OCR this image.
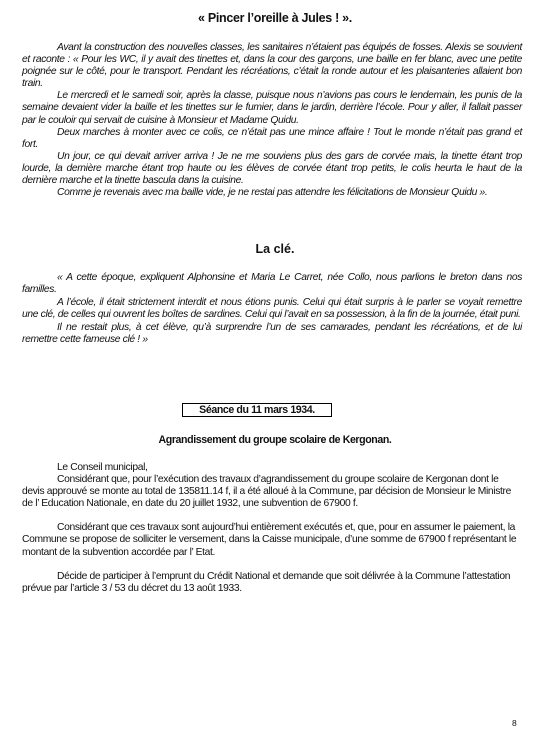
« Pincer l’oreille à Jules ! ».

Avant la construction des nouvelles classes, les sanitaires n’étaient pas équipés de fosses. Alexis se souvient et raconte : « Pour les WC, il y avait des tinettes et, dans la cour des garçons, une baille en fer blanc, avec une petite poignée sur le côté, pour le transport. Pendant les récréations, c’était la ronde autour et les plaisanteries allaient bon train.

Le mercredi et le samedi soir, après la classe, puisque nous n’avions pas cours le lendemain, les punis de la semaine devaient vider la baille et les tinettes sur le fumier, dans le jardin, derrière l’école. Pour y aller, il fallait passer par le couloir qui servait de cuisine à Monsieur et Madame Quidu.

Deux marches à monter avec ce colis, ce n’était pas une mince affaire ! Tout le monde n’était pas grand et fort.

Un jour, ce qui devait arriver arriva ! Je ne me souviens plus des gars de corvée mais, la tinette étant trop lourde, la dernière marche étant trop haute ou les élèves de corvée étant trop petits, le colis heurta le haut de la dernière marche et la tinette bascula dans la cuisine.

Comme je revenais avec ma baille vide, je ne restai pas attendre les félicitations de Monsieur Quidu ».

La clé.

« A cette époque, expliquent Alphonsine et Maria Le Carret, née Collo, nous parlions le breton dans nos familles.

A l’école, il était strictement interdit et nous étions punis. Celui qui était surpris à le parler se voyait remettre une clé, de celles qui ouvrent les boîtes de sardines. Celui qui l’avait en sa possession, à la fin de la journée, était puni.

Il ne restait plus, à cet élève, qu’à surprendre l’un de ses camarades, pendant les récréations, et de lui remettre cette fameuse clé ! »

Séance du 11 mars 1934.
Agrandissement du groupe scolaire de Kergonan.

Le Conseil municipal,

Considérant que, pour l’exécution des travaux d’agrandissement du groupe scolaire de Kergonan dont le devis approuvé se monte au total de 135811.14 f, il a été alloué à la Commune, par décision de Monsieur le Ministre de l’ Education Nationale, en date du 20 juillet 1932, une subvention de 67900 f.

Considérant que ces travaux sont aujourd’hui entièrement exécutés et, que, pour en assumer le paiement, la Commune se propose de solliciter le versement, dans la Caisse municipale, d’une somme de 67900 f représentant le montant de la subvention accordée par l’ Etat.

Décide de participer à l’emprunt du Crédit National et demande que soit délivrée à la Commune l’attestation prévue par l’article 3 / 53 du décret du 13 août 1933.

8
